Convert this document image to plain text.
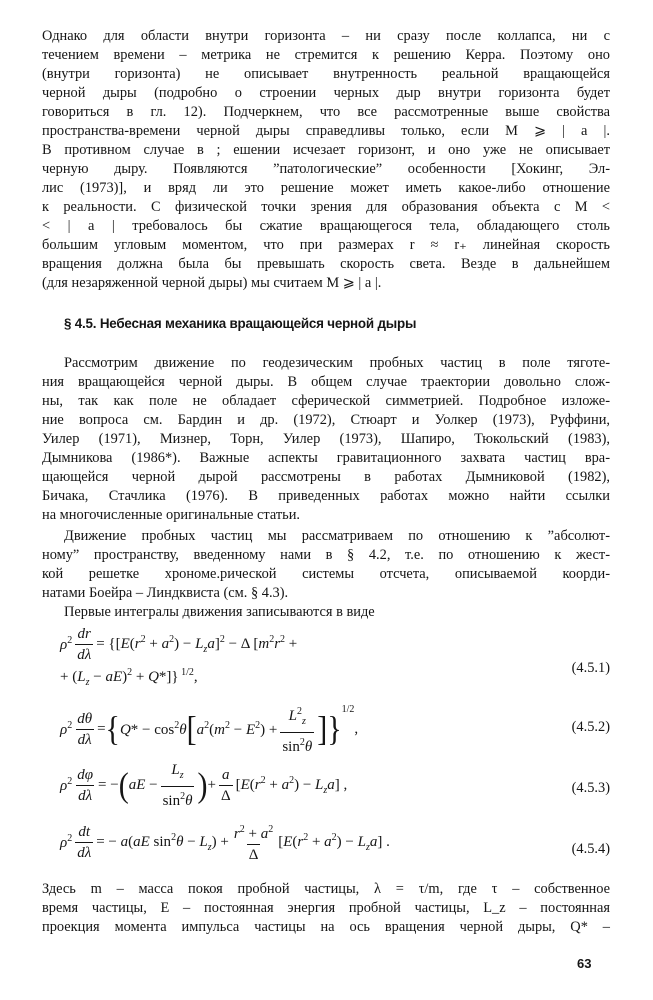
Однако для области внутри горизонта – ни сразу после коллапса, ни с

течением времени – метрика не стремится к решению Керра. Поэтому оно

(внутри горизонта) не описывает внутренность реальной вращающейся

черной дыры (подробно о строении черных дыр внутри горизонта будет

говориться в гл. 12). Подчеркнем, что все рассмотренные выше свойства

пространства-времени черной дыры справедливы только, если M ⩾ | a |.

В противном случае в ; ешении исчезает горизонт, и оно уже не описывает

черную дыру. Появляются ”патологические” особенности [Хокинг, Эл-

лис (1973)], и вряд ли это решение может иметь какое-либо отношение

к реальности. С физической точки зрения для образования объекта с M <

< | a | требовалось бы сжатие вращающегося тела, обладающего столь

большим угловым моментом, что при размерах r ≈ r₊ линейная скорость

вращения должна была бы превышать скорость света. Везде в дальнейшем

(для незаряженной черной дыры) мы считаем M ⩾ | a |.

§ 4.5. Небесная механика вращающейся черной дыры

Рассмотрим движение по геодезическим пробных частиц в поле тяготе-

ния вращающейся черной дыры. В общем случае траектории довольно слож-

ны, так как поле не обладает сферической симметрией. Подробное изложе-

ние вопроса см. Бардин и др. (1972), Стюарт и Уолкер (1973), Руффини,

Уилер (1971), Мизнер, Торн, Уилер (1973), Шапиро, Тюкольский (1983),

Дымникова (1986*). Важные аспекты гравитационного захвата частиц вра-

щающейся черной дырой рассмотрены в работах Дымниковой (1982),

Бичака, Стачлика (1976). В приведенных работах можно найти ссылки

на многочисленные оригинальные статьи.

Движение пробных частиц мы рассматриваем по отношению к ”абсолют-

ному” пространству, введенному нами в § 4.2, т.е. по отношению к жест-

кой решетке хрономе.рической системы отсчета, описываемой коорди-

натами Боейра – Линдквиста (см. § 4.3).

Первые интегралы движения записываются в виде

$\rho^2 \frac{dr}{d\lambda} = \{[E(r^2 + a^2) - L_za]^2 - \Delta$ [$m^2r^2$ +
+ $(L_z - aE)^2 + Q*$]} $^{1/2}$,
(4.5.1)
$\rho^2 \frac{d\theta}{d\lambda}$ = { $Q* - \cos^2\theta$ [ $a^2(m^2 - E^2) + \frac{L^2_z}{\sin^2\theta}$ ] }
$^{1/2}$
,	(4.5.2)
$\rho^2 \frac{d\varphi}{d\lambda}$ = − ( aE − $\frac{L_z}{\sin^2\theta}$ ) + $\frac{a}{\Delta} [E(r^2 + a^2) - L_za]$ ,	(4.5.3)
$\rho^2 \frac{dt}{d\lambda}$ = − a(aE $\sin^2\theta - L_z) + \frac{r^2 + a^2}{\Delta} [E(r^2 + a^2) - L_za]$ .	(4.5.4)

Здесь m – масса покоя пробной частицы, λ = τ/m, где τ – собственное

время частицы, E – постоянная энергия пробной частицы, L_z – постоянная

проекция момента импульса частицы на ось вращения черной дыры, Q* –

63
